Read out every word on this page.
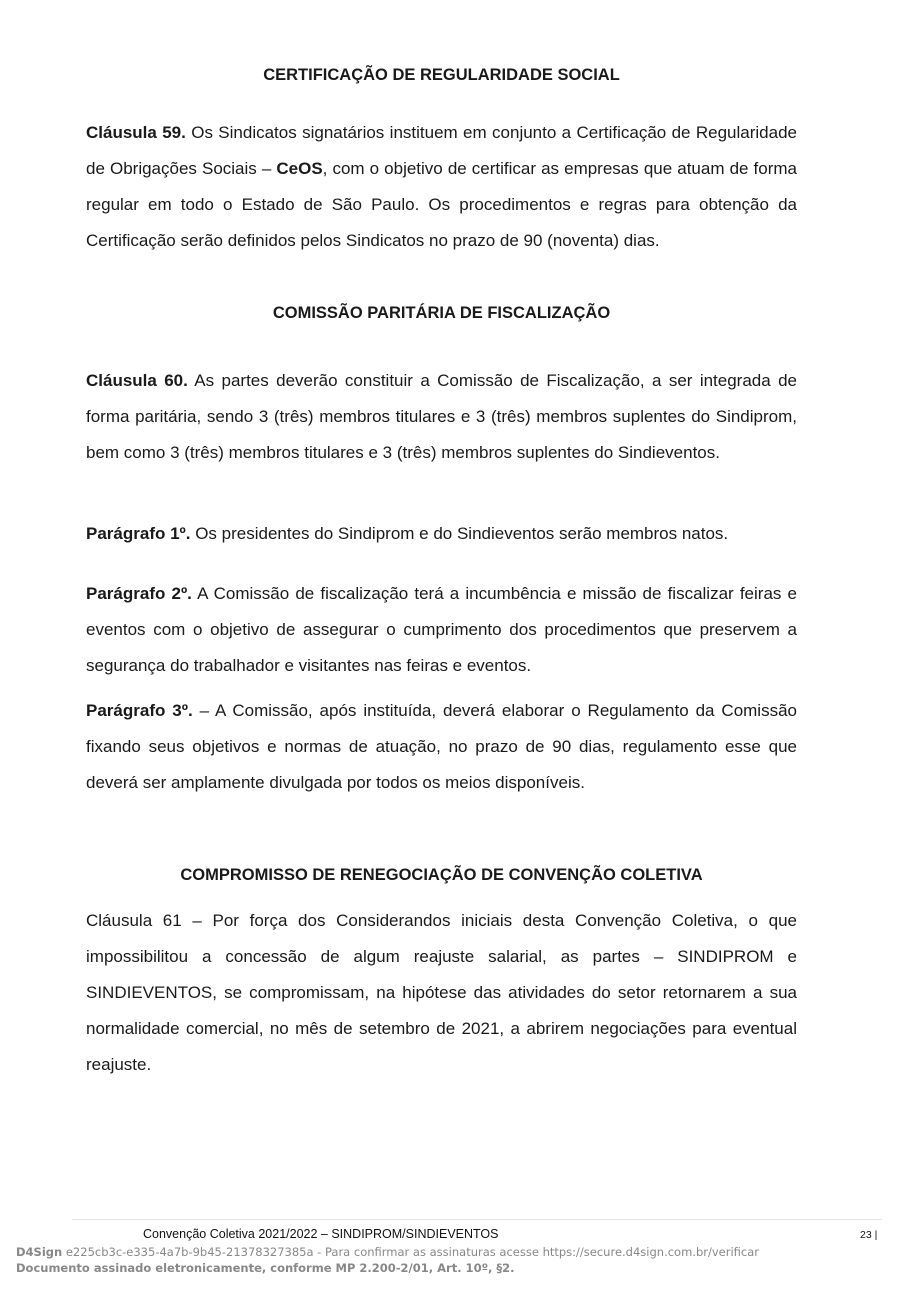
CERTIFICAÇÃO DE REGULARIDADE SOCIAL

Cláusula 59. Os Sindicatos signatários instituem em conjunto a Certificação de Regularidade de Obrigações Sociais – CeOS, com o objetivo de certificar as empresas que atuam de forma regular em todo o Estado de São Paulo. Os procedimentos e regras para obtenção da Certificação serão definidos pelos Sindicatos no prazo de 90 (noventa) dias.

COMISSÃO PARITÁRIA DE FISCALIZAÇÃO

Cláusula 60. As partes deverão constituir a Comissão de Fiscalização, a ser integrada de forma paritária, sendo 3 (três) membros titulares e 3 (três) membros suplentes do Sindiprom, bem como 3 (três) membros titulares e 3 (três) membros suplentes do Sindieventos.

Parágrafo 1º. Os presidentes do Sindiprom e do Sindieventos serão membros natos.

Parágrafo 2º. A Comissão de fiscalização terá a incumbência e missão de fiscalizar feiras e eventos com o objetivo de assegurar o cumprimento dos procedimentos que preservem a segurança do trabalhador e visitantes nas feiras e eventos.

Parágrafo 3º. – A Comissão, após instituída, deverá elaborar o Regulamento da Comissão fixando seus objetivos e normas de atuação, no prazo de 90 dias, regulamento esse que deverá ser amplamente divulgada por todos os meios disponíveis.

COMPROMISSO DE RENEGOCIAÇÃO DE CONVENÇÃO COLETIVA

Cláusula 61 – Por força dos Considerandos iniciais desta Convenção Coletiva, o que impossibilitou a concessão de algum reajuste salarial, as partes – SINDIPROM e SINDIEVENTOS, se compromissam, na hipótese das atividades do setor retornarem a sua normalidade comercial, no mês de setembro de 2021, a abrirem negociações para eventual reajuste.

Convenção Coletiva 2021/2022 – SINDIPROM/SINDIEVENTOS	23 |
D4Sign e225cb3c-e335-4a7b-9b45-21378327385a - Para confirmar as assinaturas acesse https://secure.d4sign.com.br/verificar
Documento assinado eletronicamente, conforme MP 2.200-2/01, Art. 10º, §2.
